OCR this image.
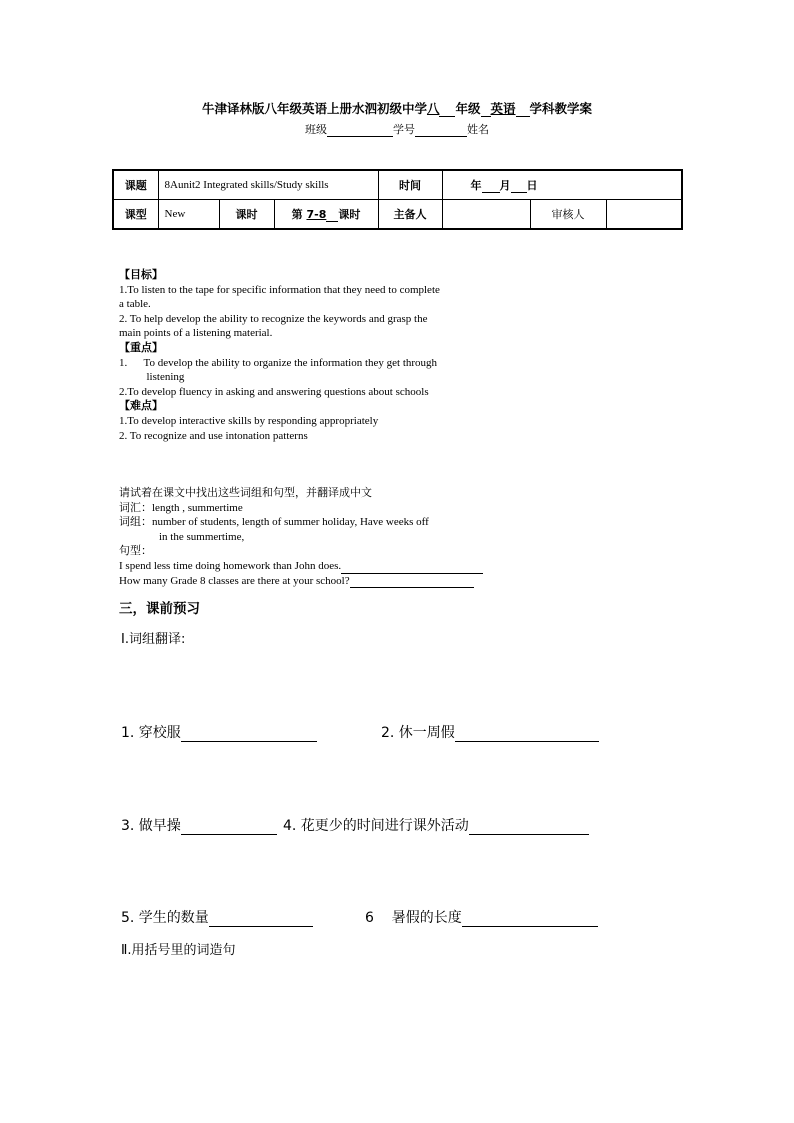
牛津译林版八年级英语上册水泗初级中学八 年级 英语 学科教学案
班级	学号	姓名
课题	8Aunit2 Integrated skills/Study skills			时间	年 月 日		
课型	New	课时	第 7-8 课时	主备人		审核人	
【目标】
1.To listen to the tape for specific information that they need to complete
a table.
2. To help develop the ability to recognize the keywords and grasp the
main points of a listening material.
【重点】
1.      To develop the ability to organize the information they get through
listening
2.To develop fluency in asking and answering questions about schools
【难点】
1.To develop interactive skills by responding appropriately
2. To recognize and use intonation patterns
请试着在课文中找出这些词组和句型，并翻译成中文
词汇：length , summertime
词组：number of students, length of summer holiday, Have weeks off
in the summertime,
句型：
I spend less time doing homework than John does.
How many Grade 8 classes are there at your school?
三，课前预习
Ⅰ.词组翻译:
1. 穿校服	2. 休一周假
3. 做早操	4. 花更少的时间进行课外活动
5. 学生的数量	6    暑假的长度
Ⅱ.用括号里的词造句
